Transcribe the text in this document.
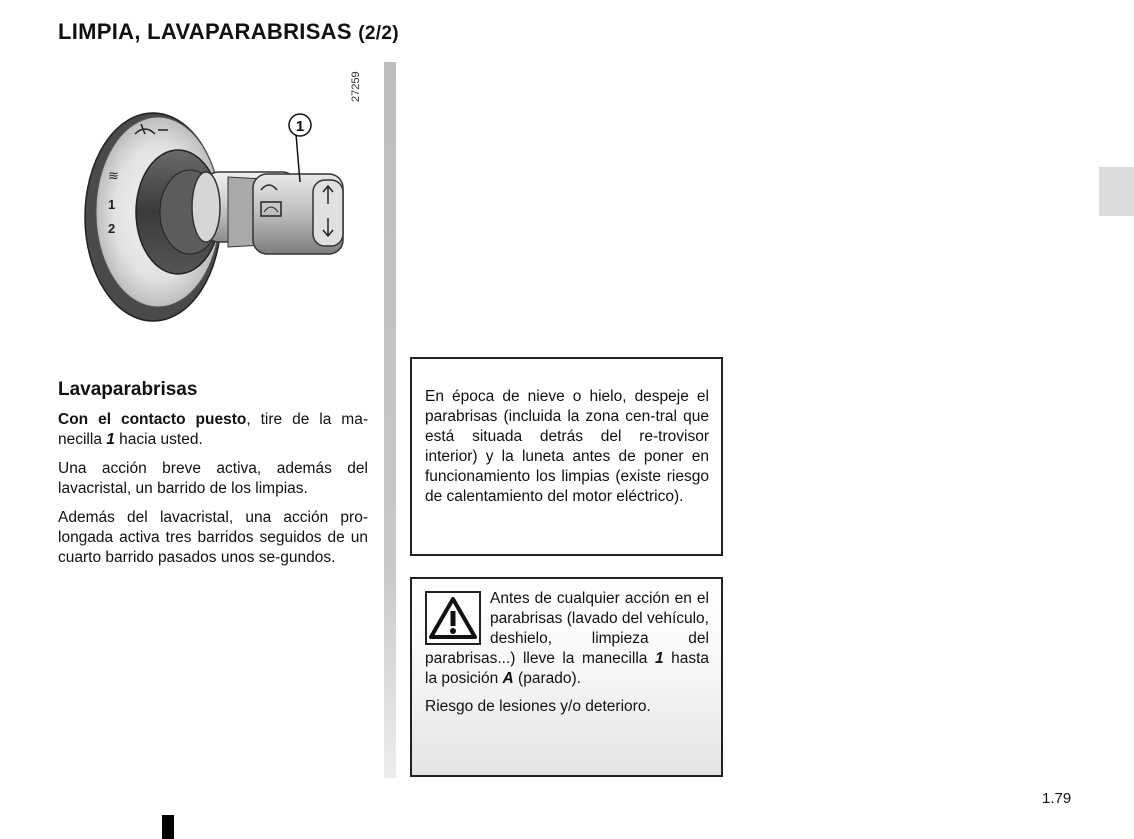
LIMPIA, LAVAPARABRISAS (2/2)
27259
≋
1
2
1
Lavaparabrisas

Con el contacto puesto, tire de la ma-necilla 1 hacia usted.

Una acción breve activa, además del lavacristal, un barrido de los limpias.

Además del lavacristal, una acción pro-longada activa tres barridos seguidos de un cuarto barrido pasados unos se-gundos.

En época de nieve o hielo, despeje el parabrisas (incluida la zona cen-tral que está situada detrás del re-trovisor interior) y la luneta antes de poner en funcionamiento los limpias (existe riesgo de calentamiento del motor eléctrico).

Antes de cualquier acción en el parabrisas (lavado del vehículo, deshielo, limpieza del parabrisas...) lleve la manecilla 1 hasta la posición A (parado).

Riesgo de lesiones y/o deterioro.

1.79
